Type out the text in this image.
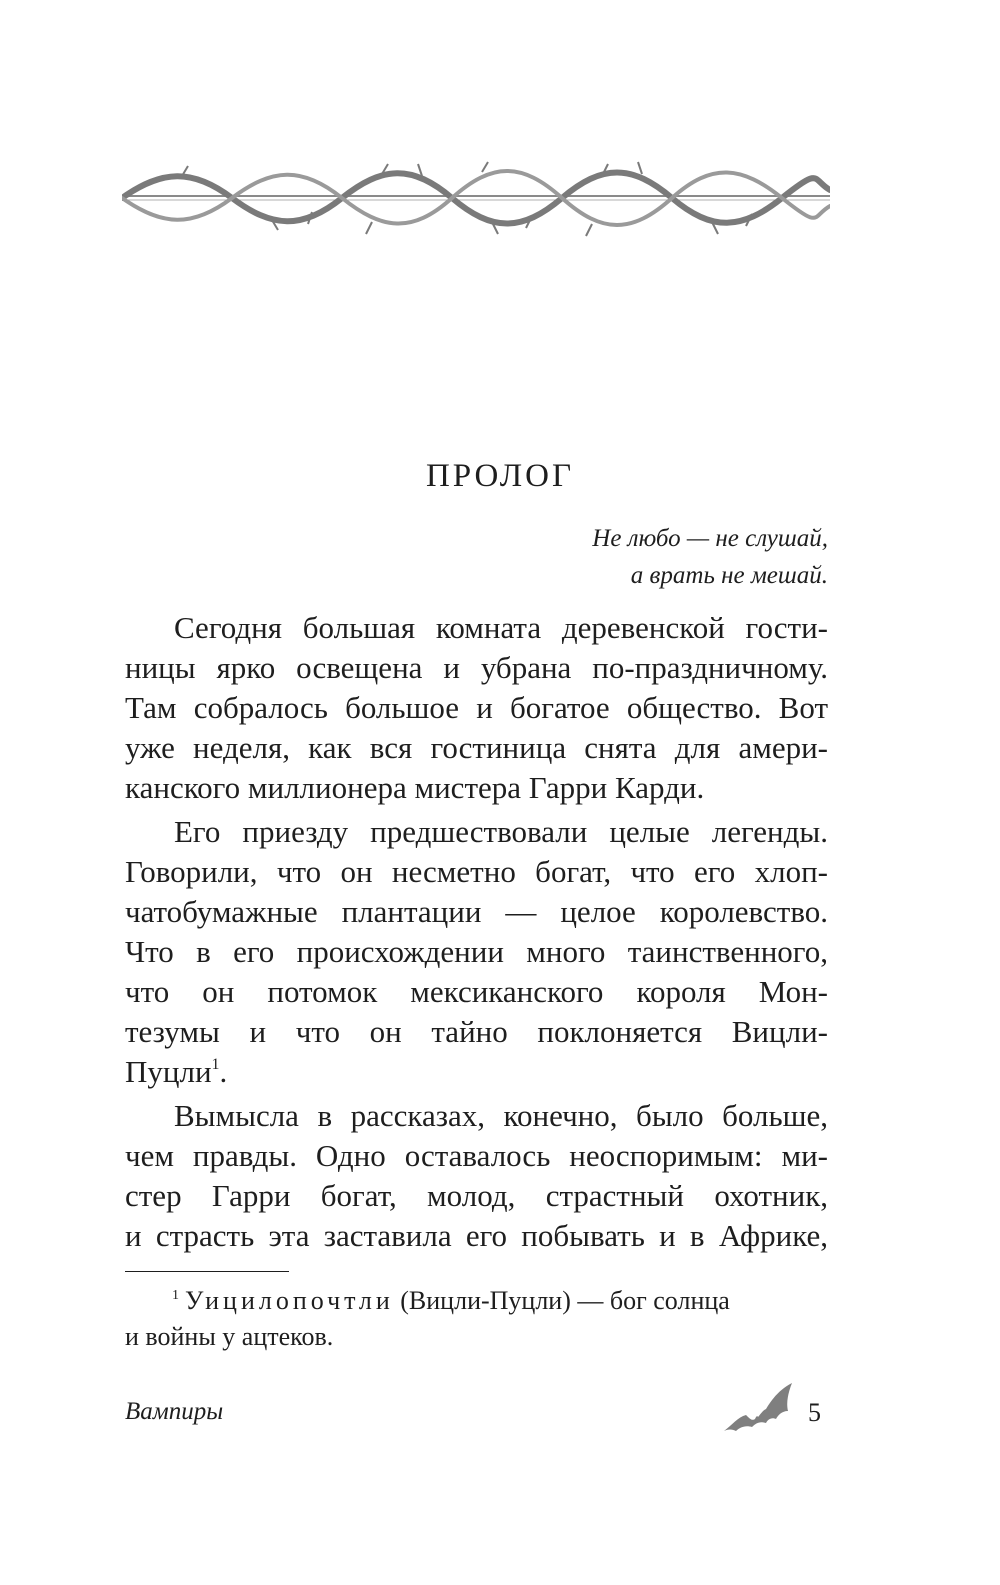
ПРОЛОГ
Не любо — не слушай,
а врать не мешай.
Сегодня большая комната деревенской гости-
ницы ярко освещена и убрана по-праздничному.
Там собралось большое и богатое общество. Вот
уже неделя, как вся гостиница снята для амери-
канского миллионера мистера Гарри Карди.
Его приезду предшествовали целые легенды.
Говорили, что он несметно богат, что его хлоп-
чатобумажные плантации — целое королевство.
Что в его происхождении много таинственного,
что он потомок мексиканского короля Мон-
тезумы и что он тайно поклоняется Вицли-
Пуцли$^1$.
Вымысла в рассказах, конечно, было больше,
чем правды. Одно оставалось неоспоримым: ми-
стер Гарри богат, молод, страстный охотник,
и страсть эта заставила его побывать и в Африке,
$^1$ Уицилопочтли (Вицли-Пуцли) — бог солнца
и войны у ацтеков.
Вампиры	5
